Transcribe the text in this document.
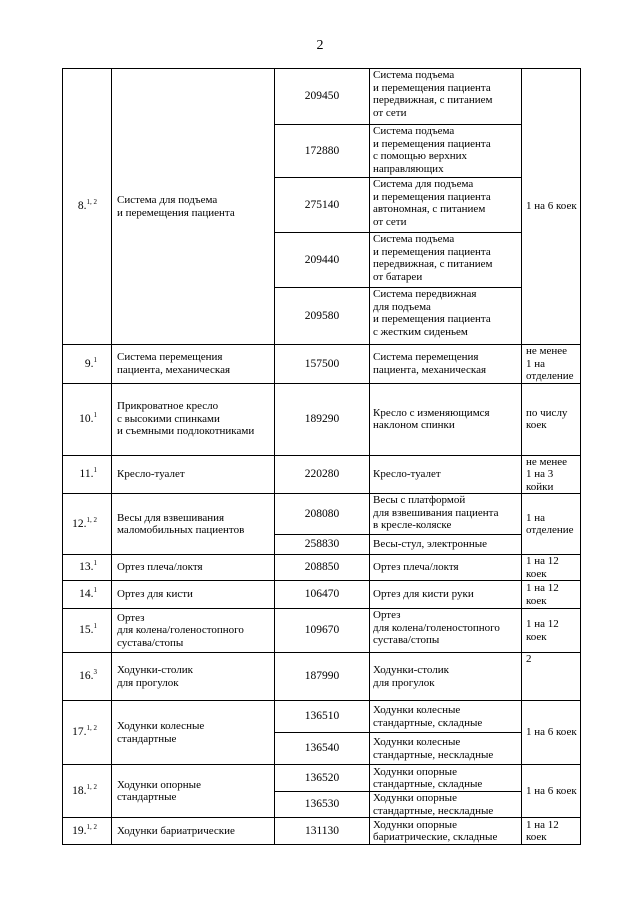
2
8.$^{1, 2}$	Система для подъема
и перемещения пациента	209450	Система подъема
и перемещения пациента
передвижная, с питанием
от сети	1 на 6 коек
		172880	Система подъема
и перемещения пациента
с помощью верхних
направляющих	
		275140	Система для подъема
и перемещения пациента
автономная, с питанием
от сети	
		209440	Система подъема
и перемещения пациента
передвижная, с питанием
от батареи	
		209580	Система передвижная
для подъема
и перемещения пациента
с жестким сиденьем	
9.$^1$	Система перемещения
пациента, механическая	157500	Система перемещения
пациента, механическая	не менее
1 на отделение
10.$^1$	Прикроватное кресло
с высокими спинками
и съемными подлокотниками	189290	Кресло с изменяющимся
наклоном спинки	по числу коек
11.$^1$	Кресло-туалет	220280	Кресло-туалет	не менее
1 на 3 койки
12.$^{1, 2}$	Весы для взвешивания
маломобильных пациентов	208080	Весы с платформой
для взвешивания пациента
в кресле-коляске	1 на отделение
		258830	Весы-стул, электронные	
13.$^1$	Ортез плеча/локтя	208850	Ортез плеча/локтя	1 на 12 коек
14.$^1$	Ортез для кисти	106470	Ортез для кисти руки	1 на 12 коек
15.$^1$	Ортез
для колена/голеностопного
сустава/стопы	109670	Ортез
для колена/голеностопного
сустава/стопы	1 на 12 коек
16.$^3$	Ходунки-столик
для прогулок	187990	Ходунки-столик
для прогулок	2
17.$^{1, 2}$	Ходунки колесные
стандартные	136510	Ходунки колесные
стандартные, складные	1 на 6 коек
		136540	Ходунки колесные
стандартные, нескладные	
18.$^{1, 2}$	Ходунки опорные
стандартные	136520	Ходунки опорные
стандартные, складные	1 на 6 коек
		136530	Ходунки опорные
стандартные, нескладные	
19.$^{1, 2}$	Ходунки бариатрические	131130	Ходунки опорные
бариатрические, складные	1 на 12 коек
